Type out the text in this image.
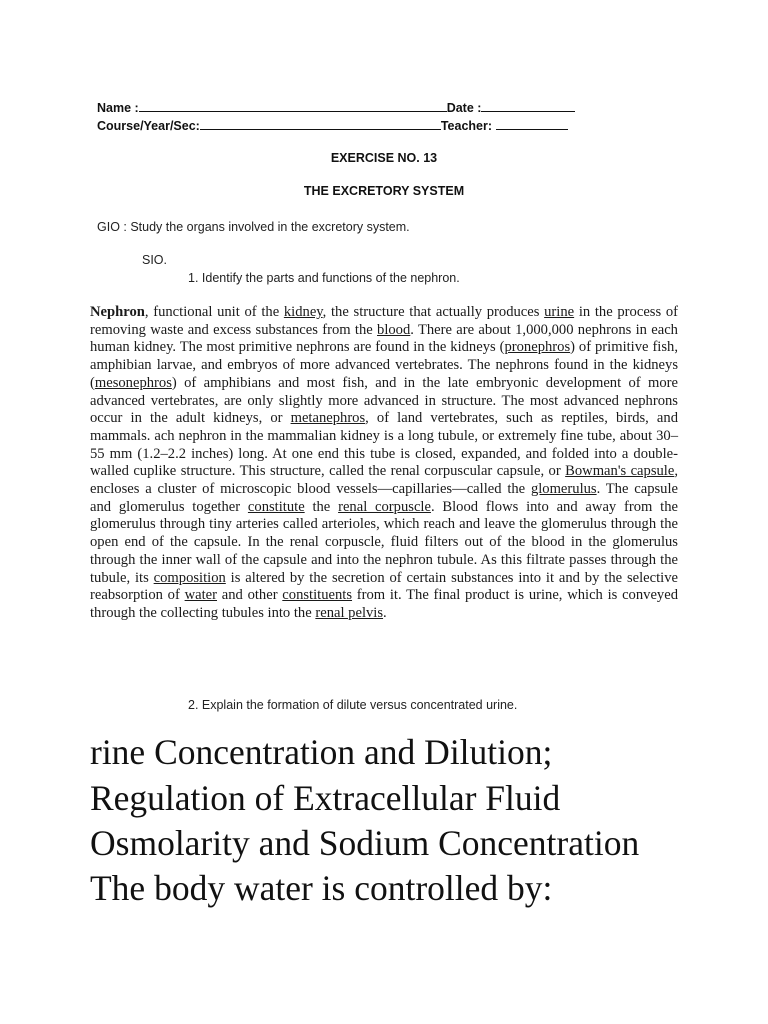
Name :	Date :
Course/Year/Sec:	Teacher:
EXERCISE NO. 13
THE EXCRETORY SYSTEM
GIO : Study the organs involved in the excretory system.
SIO.
1. Identify the parts and functions of the nephron.
Nephron, functional unit of the kidney, the structure that actually produces urine in the process of removing waste and excess substances from the blood. There are about 1,000,000 nephrons in each human kidney. The most primitive nephrons are found in the kidneys (pronephros) of primitive fish, amphibian larvae, and embryos of more advanced vertebrates. The nephrons found in the kidneys (mesonephros) of amphibians and most fish, and in the late embryonic development of more advanced vertebrates, are only slightly more advanced in structure. The most advanced nephrons occur in the adult kidneys, or metanephros, of land vertebrates, such as reptiles, birds, and mammals. ach nephron in the mammalian kidney is a long tubule, or extremely fine tube, about 30–55 mm (1.2–2.2 inches) long. At one end this tube is closed, expanded, and folded into a double-walled cuplike structure. This structure, called the renal corpuscular capsule, or Bowman's capsule, encloses a cluster of microscopic blood vessels—capillaries—called the glomerulus. The capsule and glomerulus together constitute the renal corpuscle. Blood flows into and away from the glomerulus through tiny arteries called arterioles, which reach and leave the glomerulus through the open end of the capsule. In the renal corpuscle, fluid filters out of the blood in the glomerulus through the inner wall of the capsule and into the nephron tubule. As this filtrate passes through the tubule, its composition is altered by the secretion of certain substances into it and by the selective reabsorption of water and other constituents from it. The final product is urine, which is conveyed through the collecting tubules into the renal pelvis.
2. Explain the formation of dilute versus concentrated urine.
rine Concentration and Dilution;
Regulation of Extracellular Fluid
Osmolarity and Sodium Concentration
The body water is controlled by:
